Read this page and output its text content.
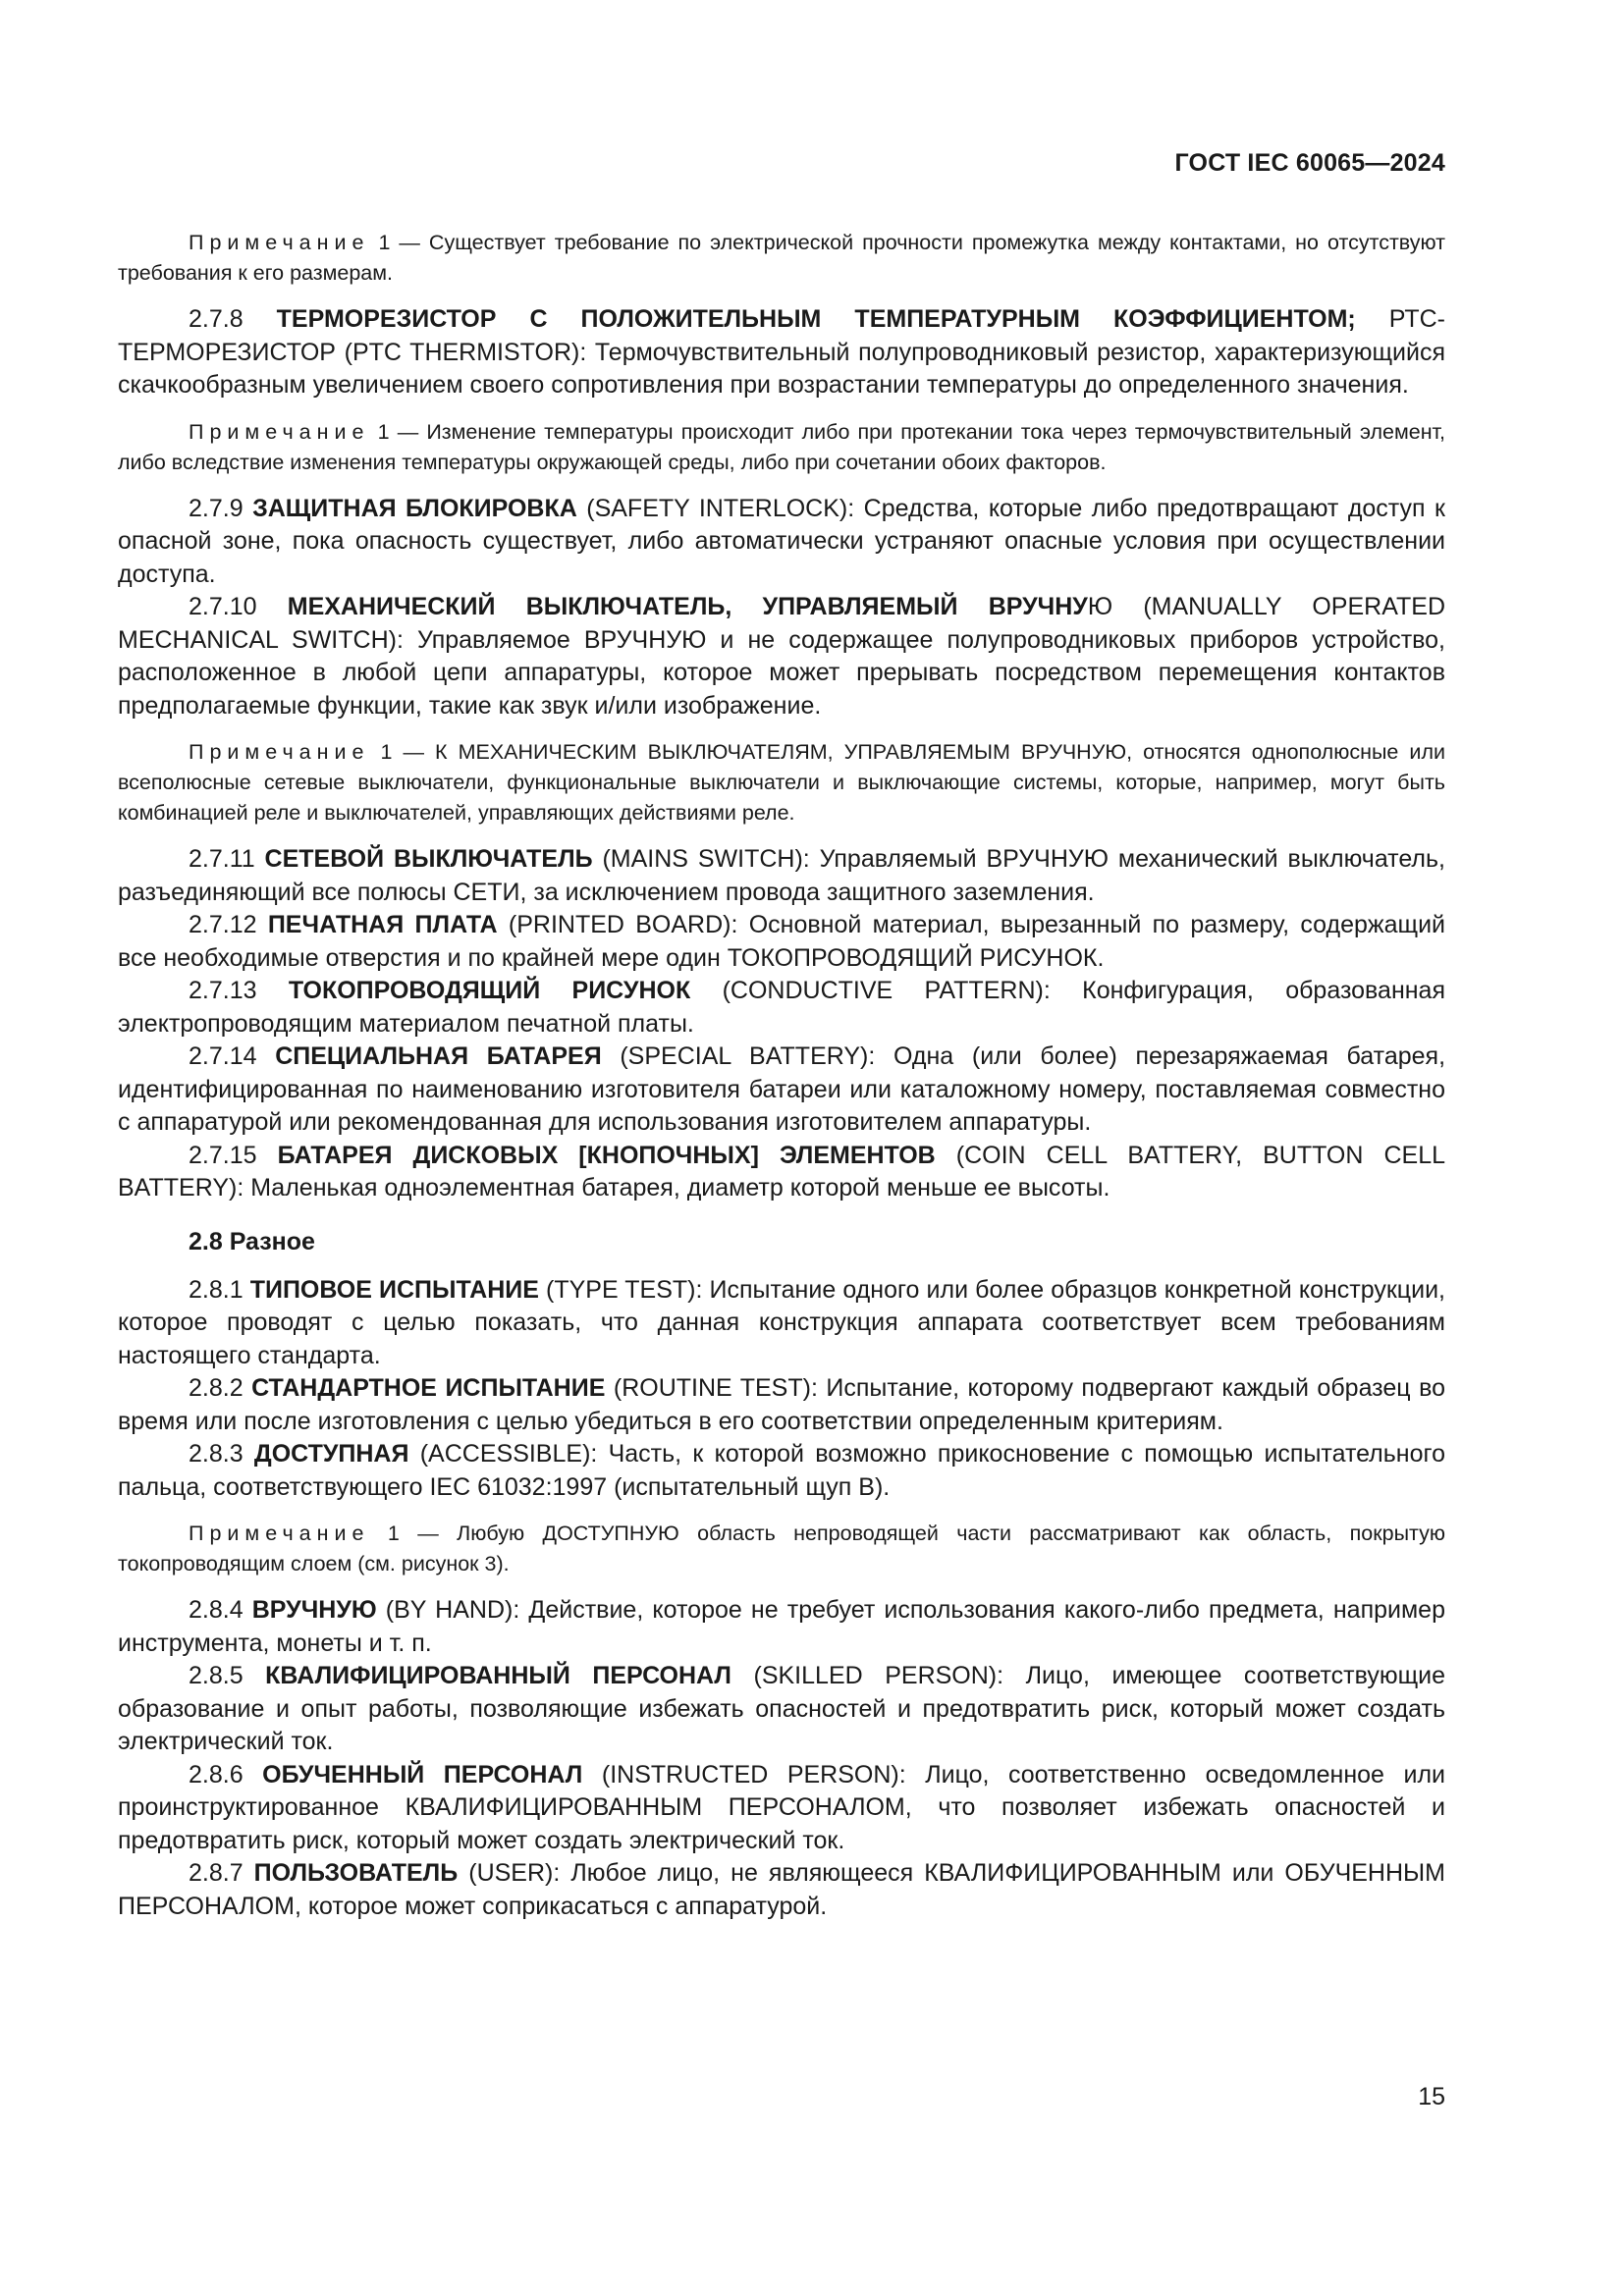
ГОСТ IEC 60065—2024

Примечание 1 — Существует требование по электрической прочности промежутка между контактами, но отсутствуют требования к его размерам.

2.7.8 ТЕРМОРЕЗИСТОР С ПОЛОЖИТЕЛЬНЫМ ТЕМПЕРАТУРНЫМ КОЭФФИЦИЕНТОМ; РТС-ТЕРМОРЕЗИСТОР (PTC THERMISTOR): Термочувствительный полупроводниковый резистор, характеризующийся скачкообразным увеличением своего сопротивления при возрастании температуры до определенного значения.

Примечание 1 — Изменение температуры происходит либо при протекании тока через термочувствительный элемент, либо вследствие изменения температуры окружающей среды, либо при сочетании обоих факторов.

2.7.9 ЗАЩИТНАЯ БЛОКИРОВКА (SAFETY INTERLOCK): Средства, которые либо предотвращают доступ к опасной зоне, пока опасность существует, либо автоматически устраняют опасные условия при осуществлении доступа.

2.7.10 МЕХАНИЧЕСКИЙ ВЫКЛЮЧАТЕЛЬ, УПРАВЛЯЕМЫЙ ВРУЧНУЮ (MANUALLY OPERATED MECHANICAL SWITCH): Управляемое ВРУЧНУЮ и не содержащее полупроводниковых приборов устройство, расположенное в любой цепи аппаратуры, которое может прерывать посредством перемещения контактов предполагаемые функции, такие как звук и/или изображение.

Примечание 1 — К МЕХАНИЧЕСКИМ ВЫКЛЮЧАТЕЛЯМ, УПРАВЛЯЕМЫМ ВРУЧНУЮ, относятся однополюсные или всеполюсные сетевые выключатели, функциональные выключатели и выключающие системы, которые, например, могут быть комбинацией реле и выключателей, управляющих действиями реле.

2.7.11 СЕТЕВОЙ ВЫКЛЮЧАТЕЛЬ (MAINS SWITCH): Управляемый ВРУЧНУЮ механический выключатель, разъединяющий все полюсы СЕТИ, за исключением провода защитного заземления.

2.7.12 ПЕЧАТНАЯ ПЛАТА (PRINTED BOARD): Основной материал, вырезанный по размеру, содержащий все необходимые отверстия и по крайней мере один ТОКОПРОВОДЯЩИЙ РИСУНОК.

2.7.13 ТОКОПРОВОДЯЩИЙ РИСУНОК (CONDUCTIVE PATTERN): Конфигурация, образованная электропроводящим материалом печатной платы.

2.7.14 СПЕЦИАЛЬНАЯ БАТАРЕЯ (SPECIAL BATTERY): Одна (или более) перезаряжаемая батарея, идентифицированная по наименованию изготовителя батареи или каталожному номеру, поставляемая совместно с аппаратурой или рекомендованная для использования изготовителем аппаратуры.

2.7.15 БАТАРЕЯ ДИСКОВЫХ [КНОПОЧНЫХ] ЭЛЕМЕНТОВ (COIN CELL BATTERY, BUTTON CELL BATTERY): Маленькая одноэлементная батарея, диаметр которой меньше ее высоты.

2.8 Разное

2.8.1 ТИПОВОЕ ИСПЫТАНИЕ (TYPE TEST): Испытание одного или более образцов конкретной конструкции, которое проводят с целью показать, что данная конструкция аппарата соответствует всем требованиям настоящего стандарта.

2.8.2 СТАНДАРТНОЕ ИСПЫТАНИЕ (ROUTINE TEST): Испытание, которому подвергают каждый образец во время или после изготовления с целью убедиться в его соответствии определенным критериям.

2.8.3 ДОСТУПНАЯ (ACCESSIBLE): Часть, к которой возможно прикосновение с помощью испытательного пальца, соответствующего IEC 61032:1997 (испытательный щуп В).

Примечание 1 — Любую ДОСТУПНУЮ область непроводящей части рассматривают как область, покрытую токопроводящим слоем (см. рисунок 3).

2.8.4 ВРУЧНУЮ (BY HAND): Действие, которое не требует использования какого-либо предмета, например инструмента, монеты и т. п.

2.8.5 КВАЛИФИЦИРОВАННЫЙ ПЕРСОНАЛ (SKILLED PERSON): Лицо, имеющее соответствующие образование и опыт работы, позволяющие избежать опасностей и предотвратить риск, который может создать электрический ток.

2.8.6 ОБУЧЕННЫЙ ПЕРСОНАЛ (INSTRUCTED PERSON): Лицо, соответственно осведомленное или проинструктированное КВАЛИФИЦИРОВАННЫМ ПЕРСОНАЛОМ, что позволяет избежать опасностей и предотвратить риск, который может создать электрический ток.

2.8.7 ПОЛЬЗОВАТЕЛЬ (USER): Любое лицо, не являющееся КВАЛИФИЦИРОВАННЫМ или ОБУЧЕННЫМ ПЕРСОНАЛОМ, которое может соприкасаться с аппаратурой.

15
